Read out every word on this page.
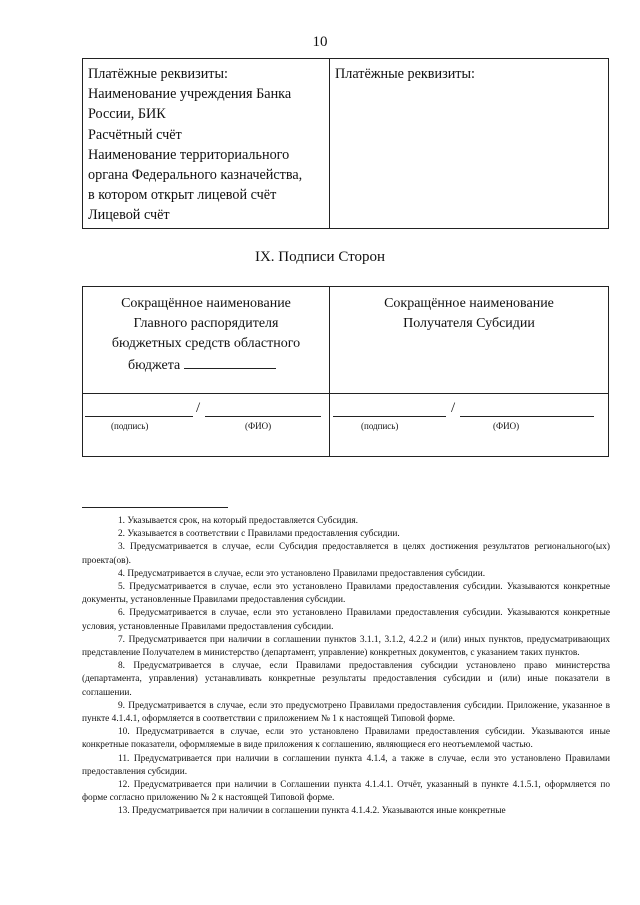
10
Платёжные реквизиты:
Наименование учреждения Банка
России, БИК
Расчётный счёт
Наименование территориального
органа Федерального казначейства,
в котором открыт лицевой счёт
Лицевой счёт
Платёжные реквизиты:
IX. Подписи Сторон
Сокращённое наименование
Главного распорядителя
бюджетных средств областного
бюджета
Сокращённое наименование
Получателя Субсидии
/
(подпись)	(ФИО)
/
(подпись)	(ФИО)

1. Указывается срок, на который предоставляется Субсидия.

2. Указывается в соответствии с Правилами предоставления субсидии.

3. Предусматривается в случае, если Субсидия предоставляется в целях достижения результатов регионального(ых) проекта(ов).

4. Предусматривается в случае, если это установлено Правилами предоставления субсидии.

5. Предусматривается в случае, если это установлено Правилами предоставления субсидии. Указываются конкретные документы, установленные Правилами предоставления субсидии.

6. Предусматривается в случае, если это установлено Правилами предоставления субсидии. Указываются конкретные условия, установленные Правилами предоставления субсидии.

7. Предусматривается при наличии в соглашении пунктов 3.1.1, 3.1.2, 4.2.2 и (или) иных пунктов, предусматривающих представление Получателем в министерство (департамент, управление) конкретных документов, с указанием таких пунктов.

8. Предусматривается в случае, если Правилами предоставления субсидии установлено право министерства (департамента, управления) устанавливать конкретные результаты предоставления субсидии и (или) иные показатели в соглашении.

9. Предусматривается в случае, если это предусмотрено Правилами предоставления субсидии. Приложение, указанное в пункте 4.1.4.1, оформляется в соответствии с приложением № 1 к настоящей Типовой форме.

10. Предусматривается в случае, если это установлено Правилами предоставления субсидии. Указываются иные конкретные показатели, оформляемые в виде приложения к соглашению, являющиеся его неотъемлемой частью.

11. Предусматривается при наличии в соглашении пункта 4.1.4, а также в случае, если это установлено Правилами предоставления субсидии.

12. Предусматривается при наличии в Соглашении пункта 4.1.4.1. Отчёт, указанный в пункте 4.1.5.1, оформляется по форме согласно приложению № 2 к настоящей Типовой форме.

13. Предусматривается при наличии в соглашении пункта 4.1.4.2. Указываются иные конкретные
